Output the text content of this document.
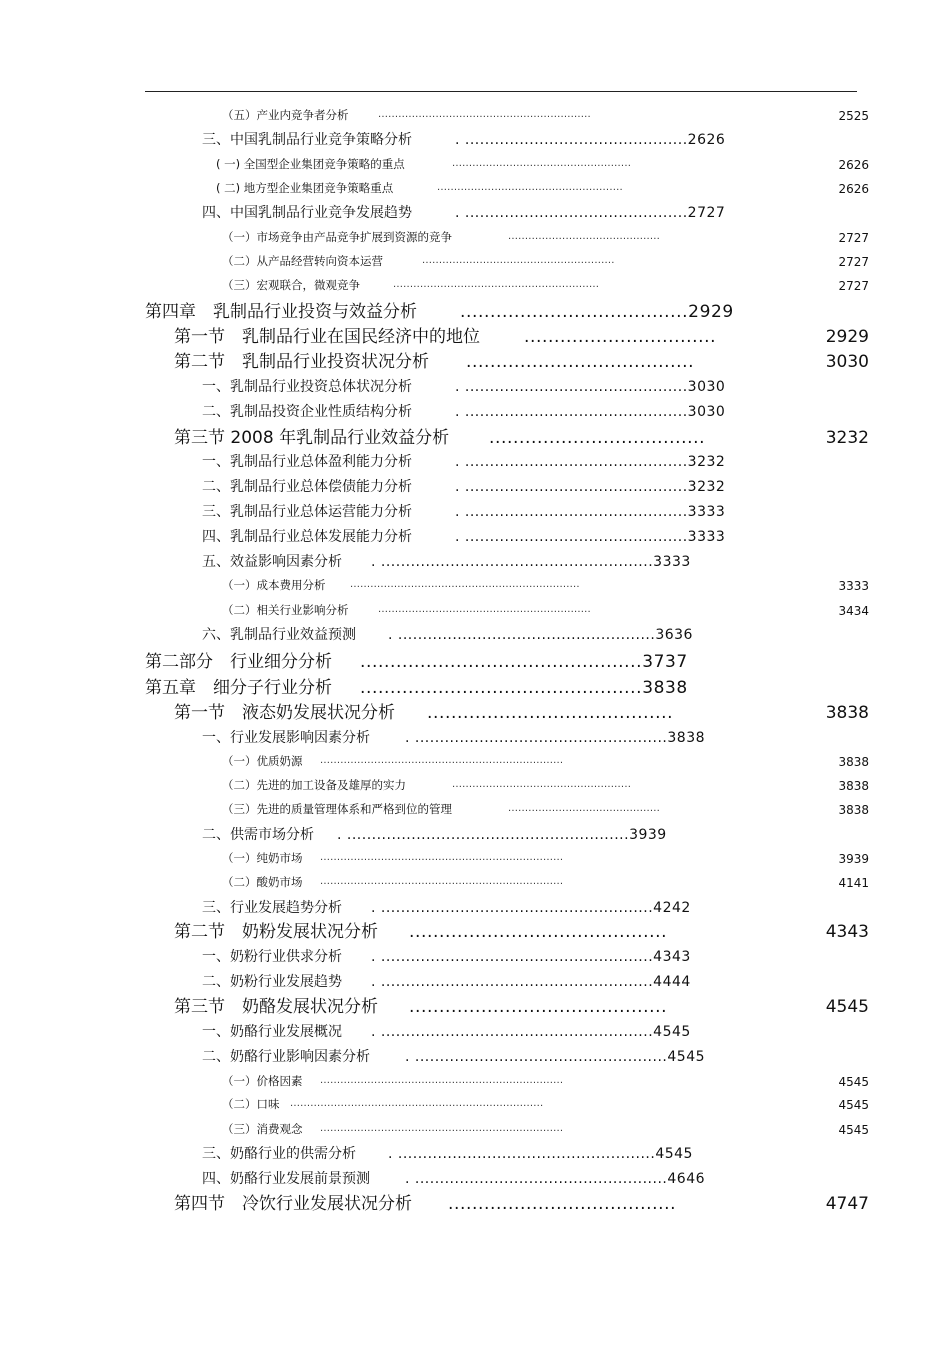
（五）产业内竞争者分析	...............................................................	2525
三、中国乳制品行业竞争策略分析	. .............................................2626
( 一) 全国型企业集团竞争策略的重点	.....................................................	2626
( 二) 地方型企业集团竞争策略重点	.......................................................	2626
四、中国乳制品行业竞争发展趋势	. .............................................2727
（一）市场竞争由产品竞争扩展到资源的竞争	.............................................	2727
（二）从产品经营转向资本运营	.........................................................	2727
（三）宏观联合，微观竞争	.............................................................	2727
第四章　乳制品行业投资与效益分析	......................................2929
第一节　乳制品行业在国民经济中的地位	................................	2929
第二节　乳制品行业投资状况分析 ......................................	3030
一、乳制品行业投资总体状况分析	. .............................................3030
二、乳制品投资企业性质结构分析	. .............................................3030
第三节 2008 年乳制品行业效益分析 ....................................	3232
一、乳制品行业总体盈利能力分析	. .............................................3232
二、乳制品行业总体偿债能力分析	. .............................................3232
三、乳制品行业总体运营能力分析	. .............................................3333
四、乳制品行业总体发展能力分析	. .............................................3333
五、效益影响因素分析 . .......................................................3333
（一）成本费用分析 ....................................................................	3333
（二）相关行业影响分析	...............................................................	3434
六、乳制品行业效益预测 . ....................................................3636
第二部分　行业细分分析 ...............................................3737
第五章　细分子行业分析 ...............................................3838
第一节　液态奶发展状况分析 .........................................	3838
一、行业发展影响因素分析	. ...................................................3838
（一）优质奶源 ........................................................................	3838
（二）先进的加工设备及雄厚的实力	.....................................................	3838
（三）先进的质量管理体系和严格到位的管理	.............................................	3838
二、供需市场分析 . .........................................................3939
（一）纯奶市场 ........................................................................	3939
（二）酸奶市场 ........................................................................	4141
三、行业发展趋势分析 . .......................................................4242
第二节　奶粉发展状况分析 ...........................................	4343
一、奶粉行业供求分析 . .......................................................4343
二、奶粉行业发展趋势 . .......................................................4444
第三节　奶酪发展状况分析 ...........................................	4545
一、奶酪行业发展概况 . .......................................................4545
二、奶酪行业影响因素分析	. ...................................................4545
（一）价格因素 ........................................................................	4545
（二）口味 ...........................................................................	4545
（三）消费观念 ........................................................................	4545
三、奶酪行业的供需分析 . ....................................................4545
四、奶酪行业发展前景预测	. ...................................................4646
第四节　冷饮行业发展状况分析 ......................................	4747
